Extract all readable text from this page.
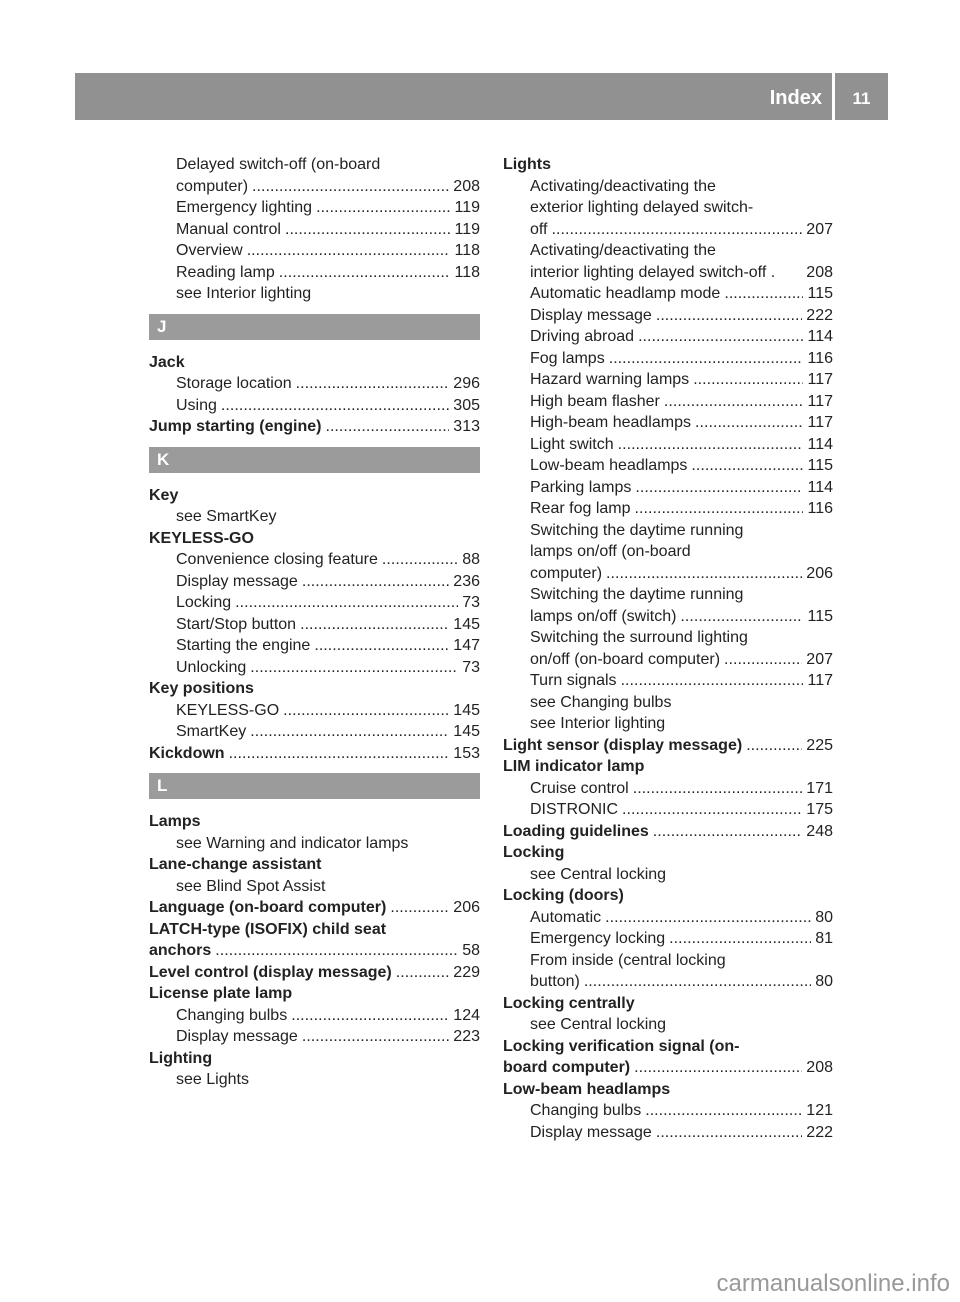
Index	11
Delayed switch-off (on-board
computer) . . .	208
Emergency lighting . . .	119
Manual control . . .	119
Overview . . .	118
Reading lamp . . .	118
see Interior lighting
J
Jack
Storage location . . .	296
Using . . .	305
Jump starting (engine) . . .	313
K
Key
see SmartKey
KEYLESS-GO
Convenience closing feature . . .	88
Display message . . .	236
Locking . . .	73
Start/Stop button . . .	145
Starting the engine . . .	147
Unlocking . . .	73
Key positions
KEYLESS-GO . . .	145
SmartKey . . .	145
Kickdown . . .	153
L
Lamps
see Warning and indicator lamps
Lane-change assistant
see Blind Spot Assist
Language (on-board computer) . . .	206
LATCH-type (ISOFIX) child seat
anchors . . .	58
Level control (display message) . . .	229
License plate lamp
Changing bulbs . . .	124
Display message . . .	223
Lighting
see Lights
Lights
Activating/deactivating the
exterior lighting delayed switch-
off . . .	207
Activating/deactivating the
interior lighting delayed switch-off . 208
Automatic headlamp mode . . .	115
Display message . . .	222
Driving abroad . . .	114
Fog lamps . . .	116
Hazard warning lamps . . .	117
High beam flasher . . .	117
High-beam headlamps . . .	117
Light switch . . .	114
Low-beam headlamps . . .	115
Parking lamps . . .	114
Rear fog lamp . . .	116
Switching the daytime running
lamps on/off (on-board
computer) . . .	206
Switching the daytime running
lamps on/off (switch) . . .	115
Switching the surround lighting
on/off (on-board computer) . . .	207
Turn signals . . .	117
see Changing bulbs
see Interior lighting
Light sensor (display message) . . .	225
LIM indicator lamp
Cruise control . . .	171
DISTRONIC . . .	175
Loading guidelines . . .	248
Locking
see Central locking
Locking (doors)
Automatic . . .	80
Emergency locking . . .	81
From inside (central locking
button) . . .	80
Locking centrally
see Central locking
Locking verification signal (on-
board computer) . . .	208
Low-beam headlamps
Changing bulbs . . .	121
Display message . . .	222
carmanualsonline.info
